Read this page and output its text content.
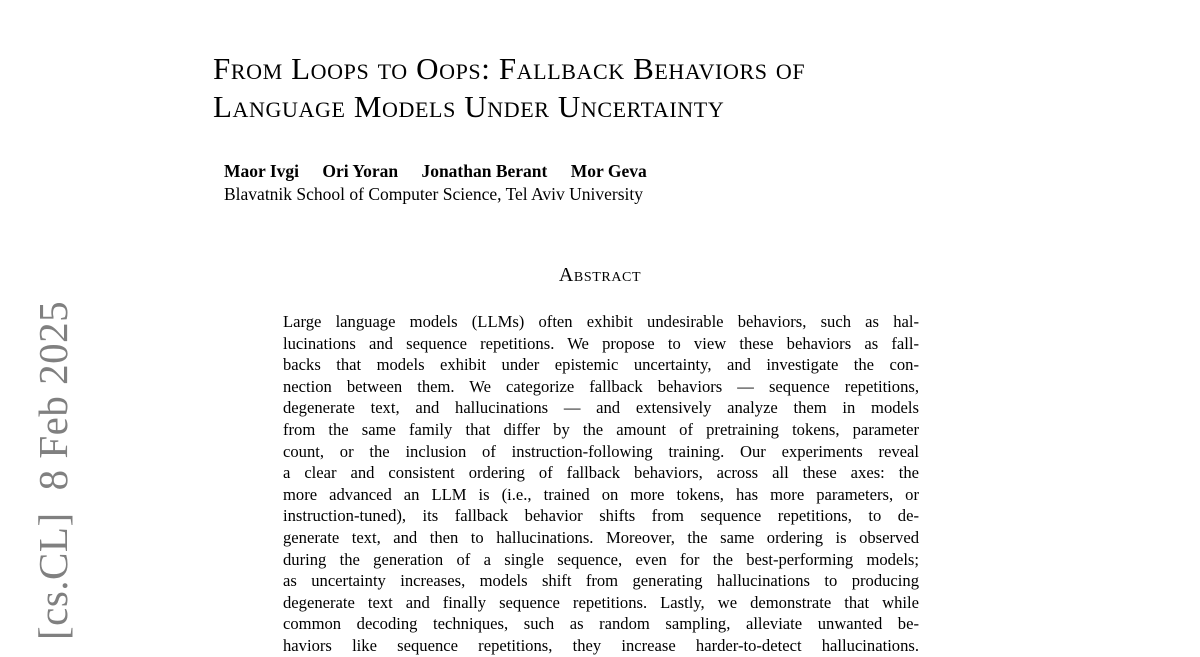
[cs.CL]8 Feb 2025
From Loops to Oops: Fallback Behaviors of
Language Models Under Uncertainty
Maor Ivgi Ori Yoran Jonathan Berant Mor Geva
Blavatnik School of Computer Science, Tel Aviv University
Abstract
Large language models (LLMs) often exhibit undesirable behaviors, such as hal-
lucinations and sequence repetitions. We propose to view these behaviors as fall-
backs that models exhibit under epistemic uncertainty, and investigate the con-
nection between them. We categorize fallback behaviors — sequence repetitions,
degenerate text, and hallucinations — and extensively analyze them in models
from the same family that differ by the amount of pretraining tokens, parameter
count, or the inclusion of instruction-following training. Our experiments reveal
a clear and consistent ordering of fallback behaviors, across all these axes: the
more advanced an LLM is (i.e., trained on more tokens, has more parameters, or
instruction-tuned), its fallback behavior shifts from sequence repetitions, to de-
generate text, and then to hallucinations. Moreover, the same ordering is observed
during the generation of a single sequence, even for the best-performing models;
as uncertainty increases, models shift from generating hallucinations to producing
degenerate text and finally sequence repetitions. Lastly, we demonstrate that while
common decoding techniques, such as random sampling, alleviate unwanted be-
haviors like sequence repetitions, they increase harder-to-detect hallucinations.
